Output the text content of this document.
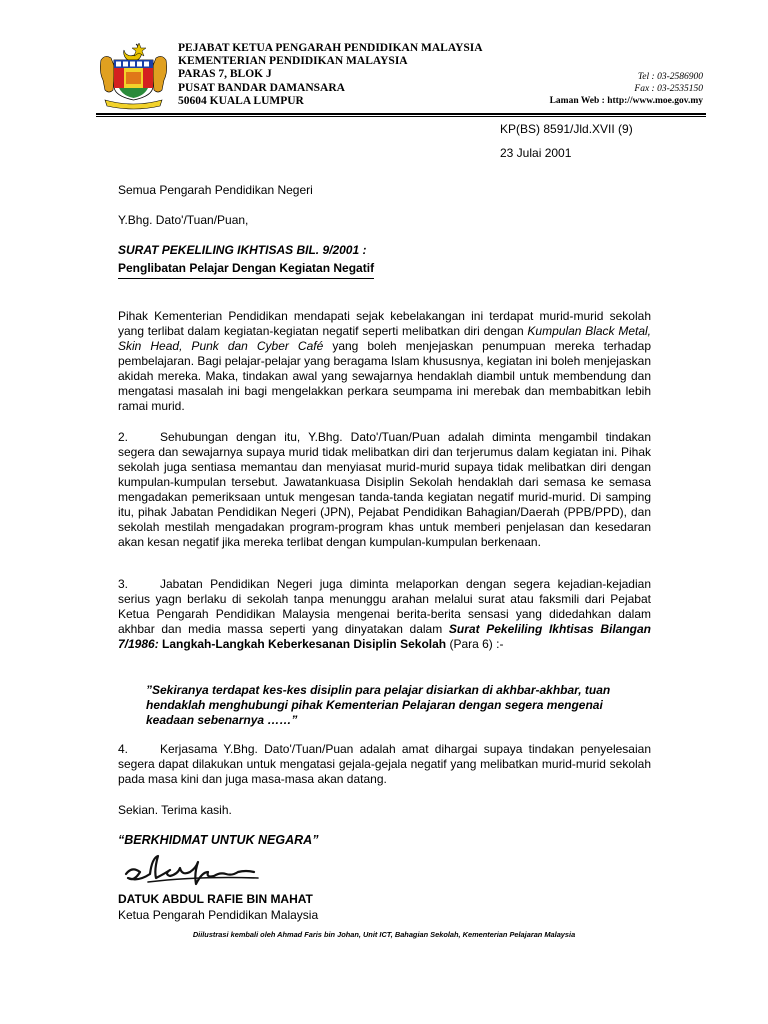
PEJABAT KETUA PENGARAH PENDIDIKAN MALAYSIA
KEMENTERIAN PENDIDIKAN MALAYSIA
PARAS 7, BLOK J
PUSAT BANDAR DAMANSARA
50604 KUALA LUMPUR
Tel : 03-2586900
Fax : 03-2535150
Laman Web : http://www.moe.gov.my
KP(BS) 8591/Jld.XVII (9)
23 Julai 2001
Semua Pengarah Pendidikan Negeri
Y.Bhg. Dato'/Tuan/Puan,
SURAT PEKELILING IKHTISAS BIL. 9/2001 :
Penglibatan Pelajar Dengan Kegiatan Negatif
Pihak Kementerian Pendidikan mendapati sejak kebelakangan ini terdapat murid-murid sekolah yang terlibat dalam kegiatan-kegiatan negatif seperti melibatkan diri dengan Kumpulan Black Metal, Skin Head, Punk dan Cyber Café yang boleh menjejaskan penumpuan mereka terhadap pembelajaran. Bagi pelajar-pelajar yang beragama Islam khususnya, kegiatan ini boleh menjejaskan akidah mereka. Maka, tindakan awal yang sewajarnya hendaklah diambil untuk membendung dan mengatasi masalah ini bagi mengelakkan perkara seumpama ini merebak dan membabitkan lebih ramai murid.
2.	Sehubungan dengan itu, Y.Bhg. Dato'/Tuan/Puan adalah diminta mengambil tindakan segera dan sewajarnya supaya murid tidak melibatkan diri dan terjerumus dalam kegiatan ini. Pihak sekolah juga sentiasa memantau dan menyiasat murid-murid supaya tidak melibatkan diri dengan kumpulan-kumpulan tersebut. Jawatankuasa Disiplin Sekolah hendaklah dari semasa ke semasa mengadakan pemeriksaan untuk mengesan tanda-tanda kegiatan negatif murid-murid. Di samping itu, pihak Jabatan Pendidikan Negeri (JPN), Pejabat Pendidikan Bahagian/Daerah (PPB/PPD), dan sekolah mestilah mengadakan program-program khas untuk memberi penjelasan dan kesedaran akan kesan negatif jika mereka terlibat dengan kumpulan-kumpulan berkenaan.
3.	Jabatan Pendidikan Negeri juga diminta melaporkan dengan segera kejadian-kejadian serius yagn berlaku di sekolah tanpa menunggu arahan melalui surat atau faksmili dari Pejabat Ketua Pengarah Pendidikan Malaysia mengenai berita-berita sensasi yang didedahkan dalam akhbar dan media massa seperti yang dinyatakan dalam Surat Pekeliling Ikhtisas Bilangan 7/1986: Langkah-Langkah Keberkesanan Disiplin Sekolah (Para 6) :-
”Sekiranya terdapat kes-kes disiplin para pelajar disiarkan di akhbar-akhbar, tuan hendaklah menghubungi pihak Kementerian Pelajaran dengan segera mengenai keadaan sebenarnya ……”
4.	Kerjasama Y.Bhg. Dato'/Tuan/Puan adalah amat dihargai supaya tindakan penyelesaian segera dapat dilakukan untuk mengatasi gejala-gejala negatif yang melibatkan murid-murid sekolah pada masa kini dan juga masa-masa akan datang.
Sekian. Terima kasih.
“BERKHIDMAT UNTUK NEGARA”
DATUK ABDUL RAFIE BIN MAHAT
Ketua Pengarah Pendidikan Malaysia
Diilustrasi kembali oleh Ahmad Faris bin Johan, Unit ICT, Bahagian Sekolah, Kementerian Pelajaran Malaysia
